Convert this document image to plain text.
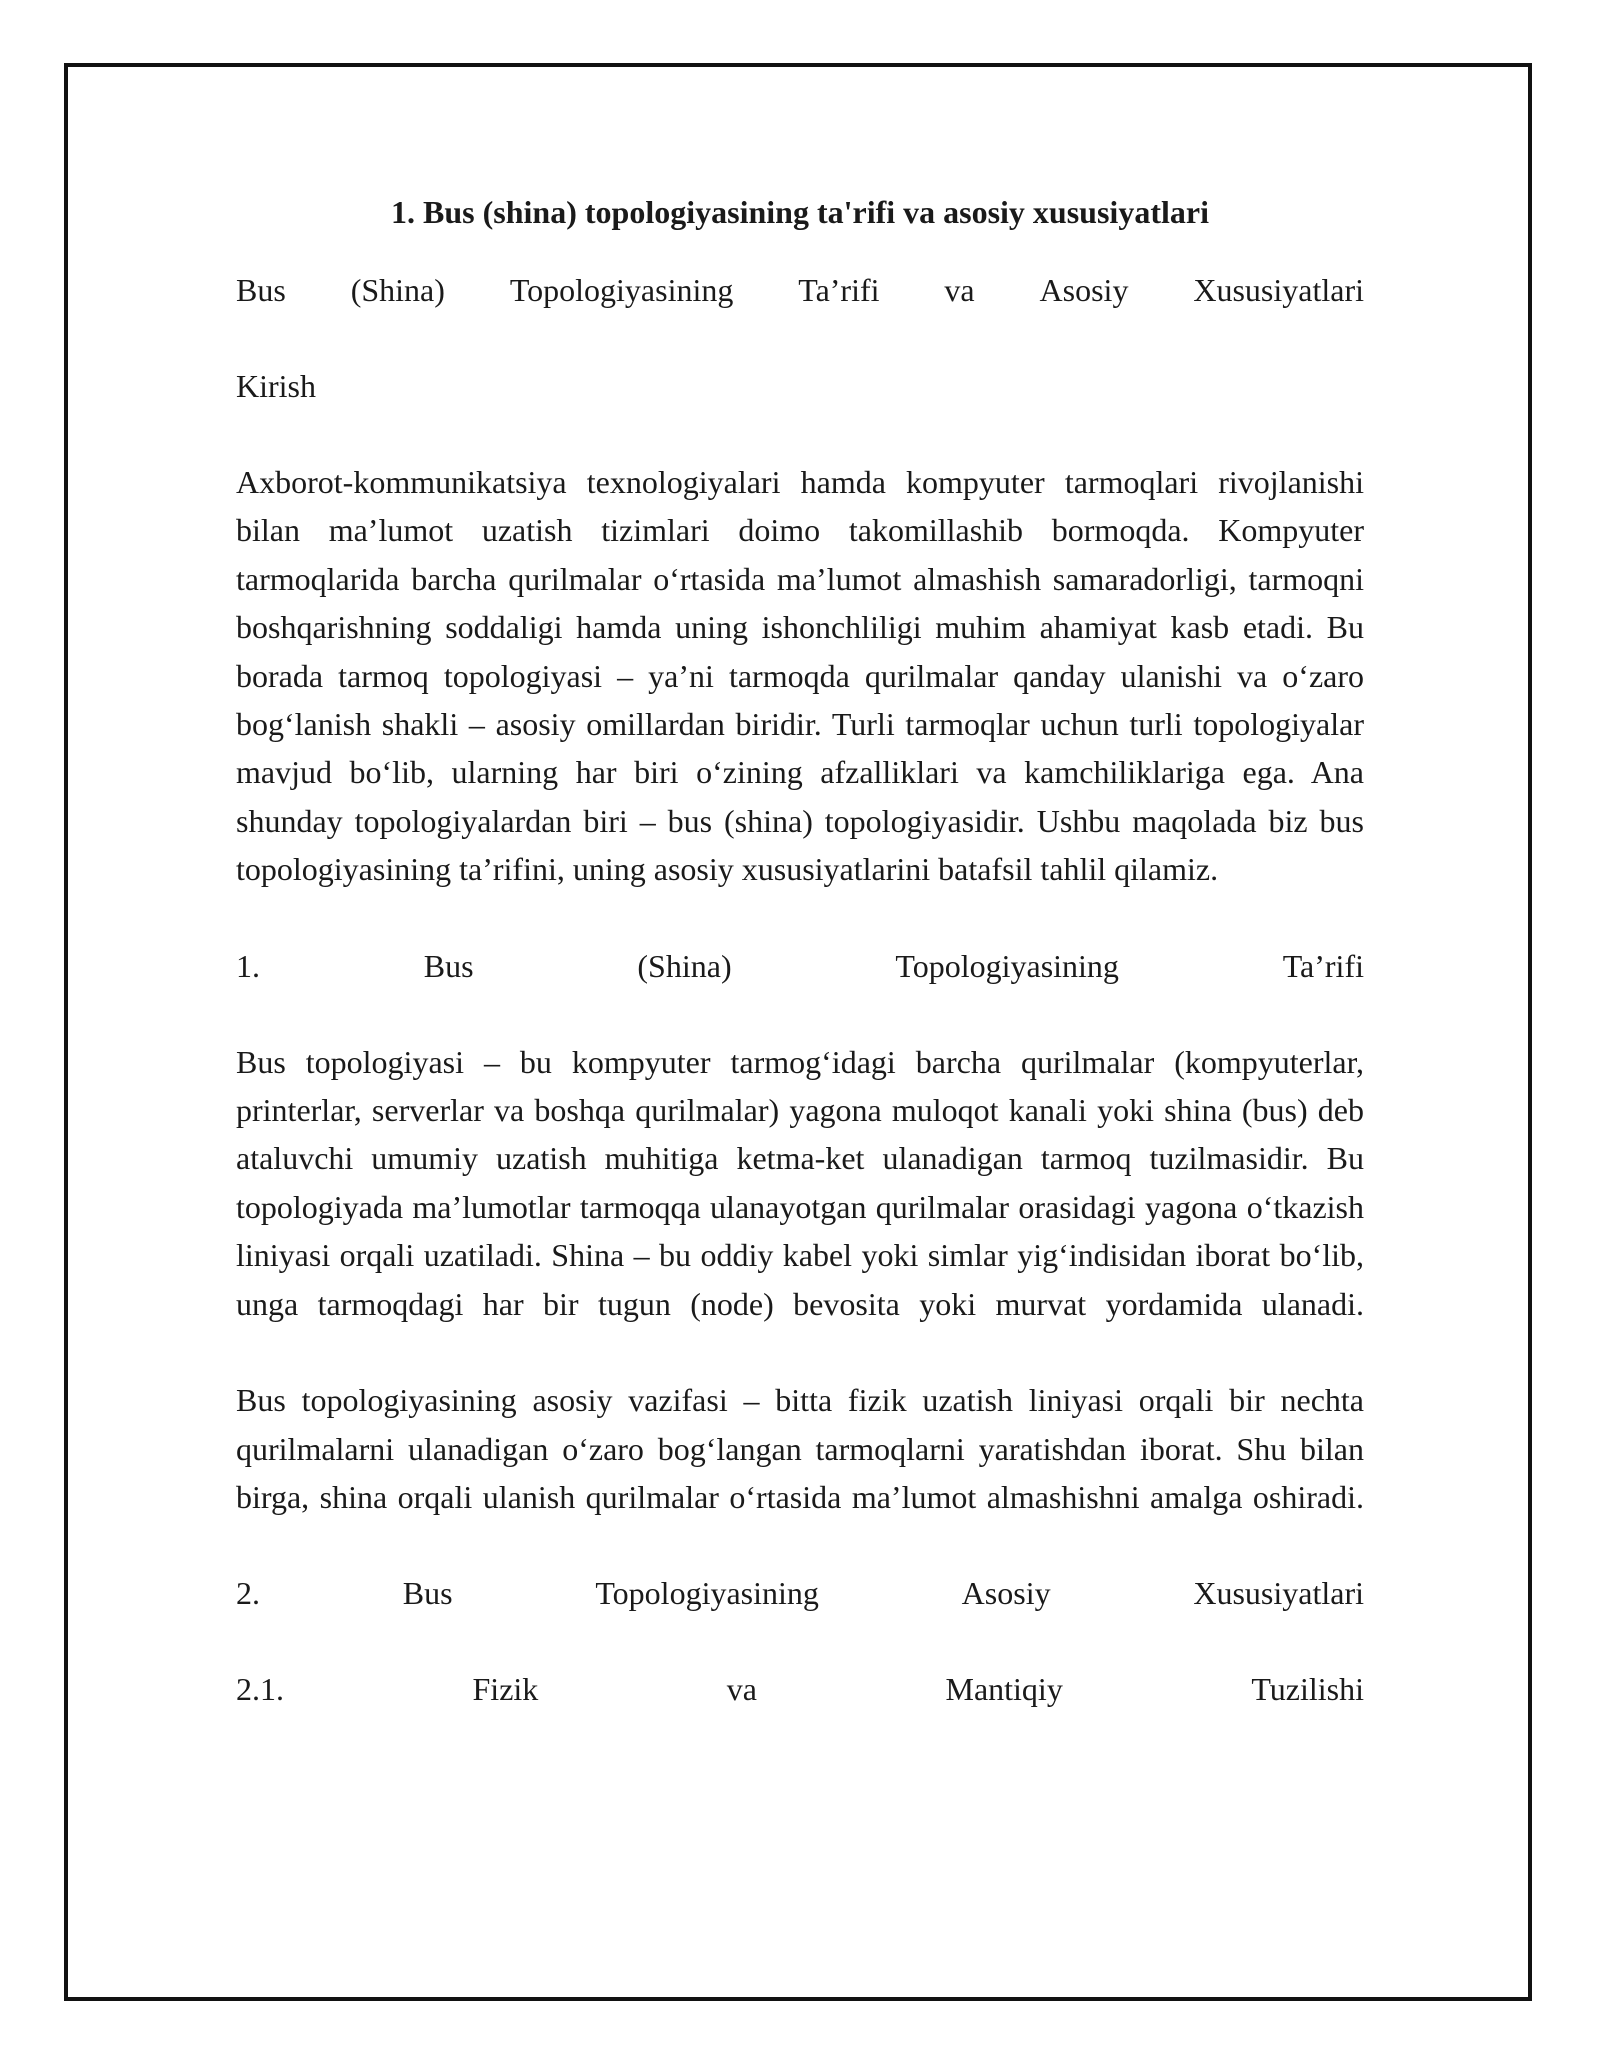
1. Bus (shina) topologiyasining ta'rifi va asosiy xususiyatlari
Bus (Shina) Topologiyasining Ta’rifi va Asosiy Xususiyatlari
Kirish
Axborot-kommunikatsiya texnologiyalari hamda kompyuter tarmoqlari rivojlanishi bilan ma’lumot uzatish tizimlari doimo takomillashib bormoqda. Kompyuter tarmoqlarida barcha qurilmalar o‘rtasida ma’lumot almashish samaradorligi, tarmoqni boshqarishning soddaligi hamda uning ishonchliligi muhim ahamiyat kasb etadi. Bu borada tarmoq topologiyasi – ya’ni tarmoqda qurilmalar qanday ulanishi va o‘zaro bog‘lanish shakli – asosiy omillardan biridir. Turli tarmoqlar uchun turli topologiyalar mavjud bo‘lib, ularning har biri o‘zining afzalliklari va kamchiliklariga ega. Ana shunday topologiyalardan biri – bus (shina) topologiyasidir. Ushbu maqolada biz bus topologiyasining ta’rifini, uning asosiy xususiyatlarini batafsil tahlil qilamiz.
1.	Bus	(Shina)	Topologiyasining	Ta’rifi
Bus topologiyasi – bu kompyuter tarmog‘idagi barcha qurilmalar (kompyuterlar, printerlar, serverlar va boshqa qurilmalar) yagona muloqot kanali yoki shina (bus) deb ataluvchi umumiy uzatish muhitiga ketma-ket ulanadigan tarmoq tuzilmasidir. Bu topologiyada ma’lumotlar tarmoqqa ulanayotgan qurilmalar orasidagi yagona o‘tkazish liniyasi orqali uzatiladi. Shina – bu oddiy kabel yoki simlar yig‘indisidan iborat bo‘lib, unga tarmoqdagi har bir tugun (node) bevosita yoki murvat yordamida ulanadi.
Bus topologiyasining asosiy vazifasi – bitta fizik uzatish liniyasi orqali bir nechta qurilmalarni ulanadigan o‘zaro bog‘langan tarmoqlarni yaratishdan iborat. Shu bilan birga, shina orqali ulanish qurilmalar o‘rtasida ma’lumot almashishni amalga oshiradi.
2.	Bus	Topologiyasining	Asosiy	Xususiyatlari
2.1.	Fizik	va	Mantiqiy	Tuzilishi
